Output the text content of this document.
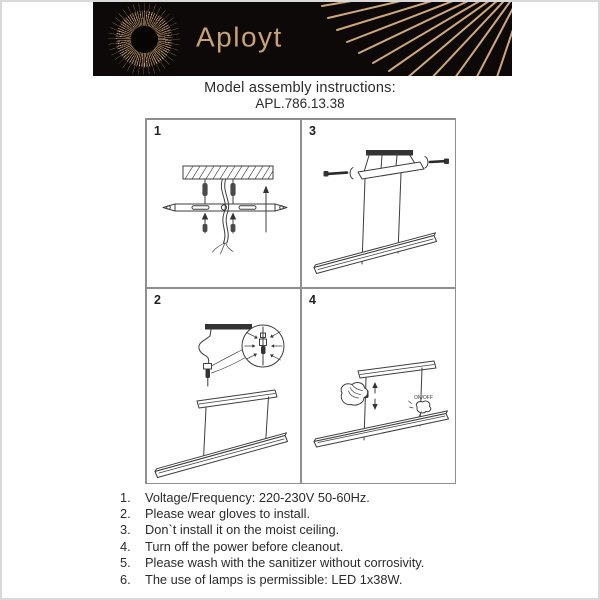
Aployt
Model assembly instructions:
APL.786.13.38
1	3
2	4
ON/OFF
1.	Voltage/Frequency: 220-230V 50-60Hz.
2.	Please wear gloves to install.
3.	Don`t install it on the moist ceiling.
4.	Turn off the power before cleanout.
5.	Please wash with the sanitizer without corrosivity.
6.	The use of lamps is permissible: LED 1x38W.
